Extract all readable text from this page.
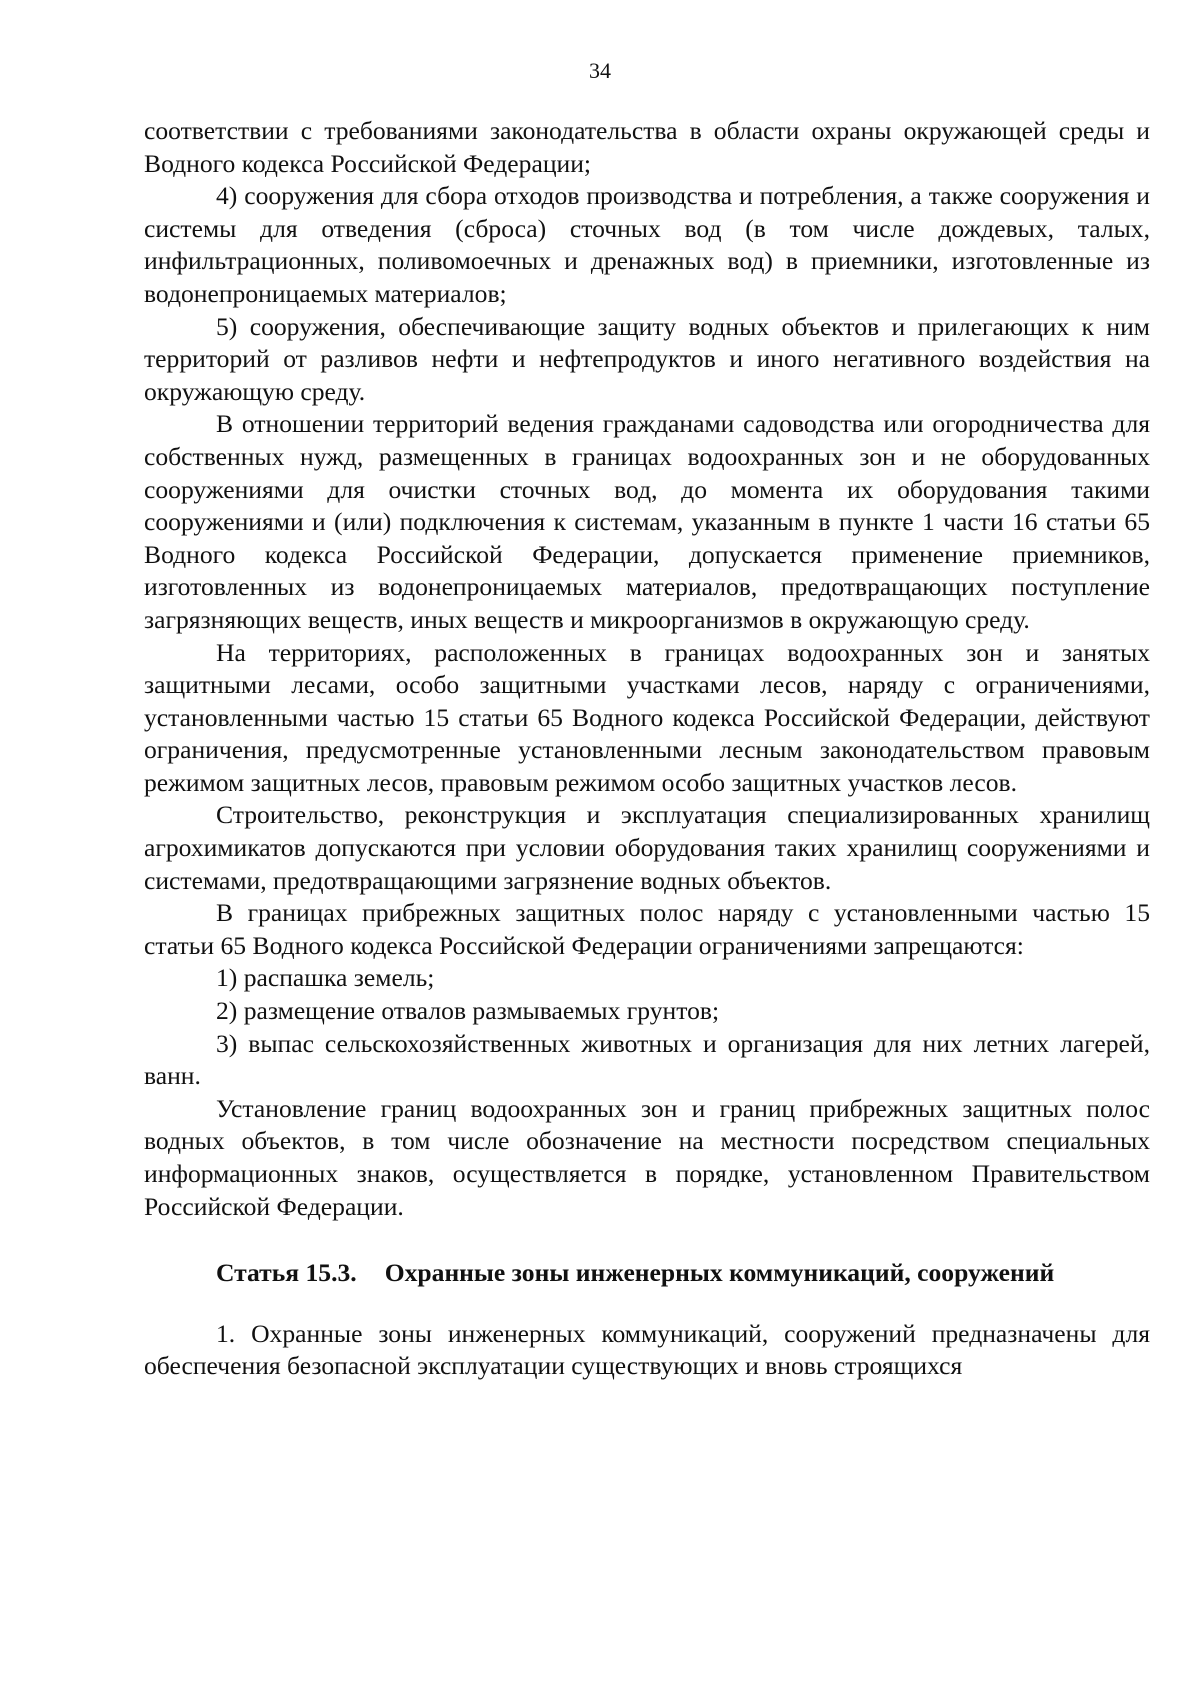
34

соответствии с требованиями законодательства в области охраны окружающей среды и Водного кодекса Российской Федерации;

4) сооружения для сбора отходов производства и потребления, а также сооружения и системы для отведения (сброса) сточных вод (в том числе дождевых, талых, инфильтрационных, поливомоечных и дренажных вод) в приемники, изготовленные из водонепроницаемых материалов;

5) сооружения, обеспечивающие защиту водных объектов и прилегающих к ним территорий от разливов нефти и нефтепродуктов и иного негативного воздействия на окружающую среду.

В отношении территорий ведения гражданами садоводства или огородничества для собственных нужд, размещенных в границах водоохранных зон и не оборудованных сооружениями для очистки сточных вод, до момента их оборудования такими сооружениями и (или) подключения к системам, указанным в пункте 1 части 16 статьи 65 Водного кодекса Российской Федерации, допускается применение приемников, изготовленных из водонепроницаемых материалов, предотвращающих поступление загрязняющих веществ, иных веществ и микроорганизмов в окружающую среду.

На территориях, расположенных в границах водоохранных зон и занятых защитными лесами, особо защитными участками лесов, наряду с ограничениями, установленными частью 15 статьи 65 Водного кодекса Российской Федерации, действуют ограничения, предусмотренные установленными лесным законодательством правовым режимом защитных лесов, правовым режимом особо защитных участков лесов.

Строительство, реконструкция и эксплуатация специализированных хранилищ агрохимикатов допускаются при условии оборудования таких хранилищ сооружениями и системами, предотвращающими загрязнение водных объектов.

В границах прибрежных защитных полос наряду с установленными частью 15 статьи 65 Водного кодекса Российской Федерации ограничениями запрещаются:

1) распашка земель;

2) размещение отвалов размываемых грунтов;

3) выпас сельскохозяйственных животных и организация для них летних лагерей, ванн.

Установление границ водоохранных зон и границ прибрежных защитных полос водных объектов, в том числе обозначение на местности посредством специальных информационных знаков, осуществляется в порядке, установленном Правительством Российской Федерации.

Статья 15.3. Охранные зоны инженерных коммуникаций, сооружений

1. Охранные зоны инженерных коммуникаций, сооружений предназначены для обеспечения безопасной эксплуатации существующих и вновь строящихся
